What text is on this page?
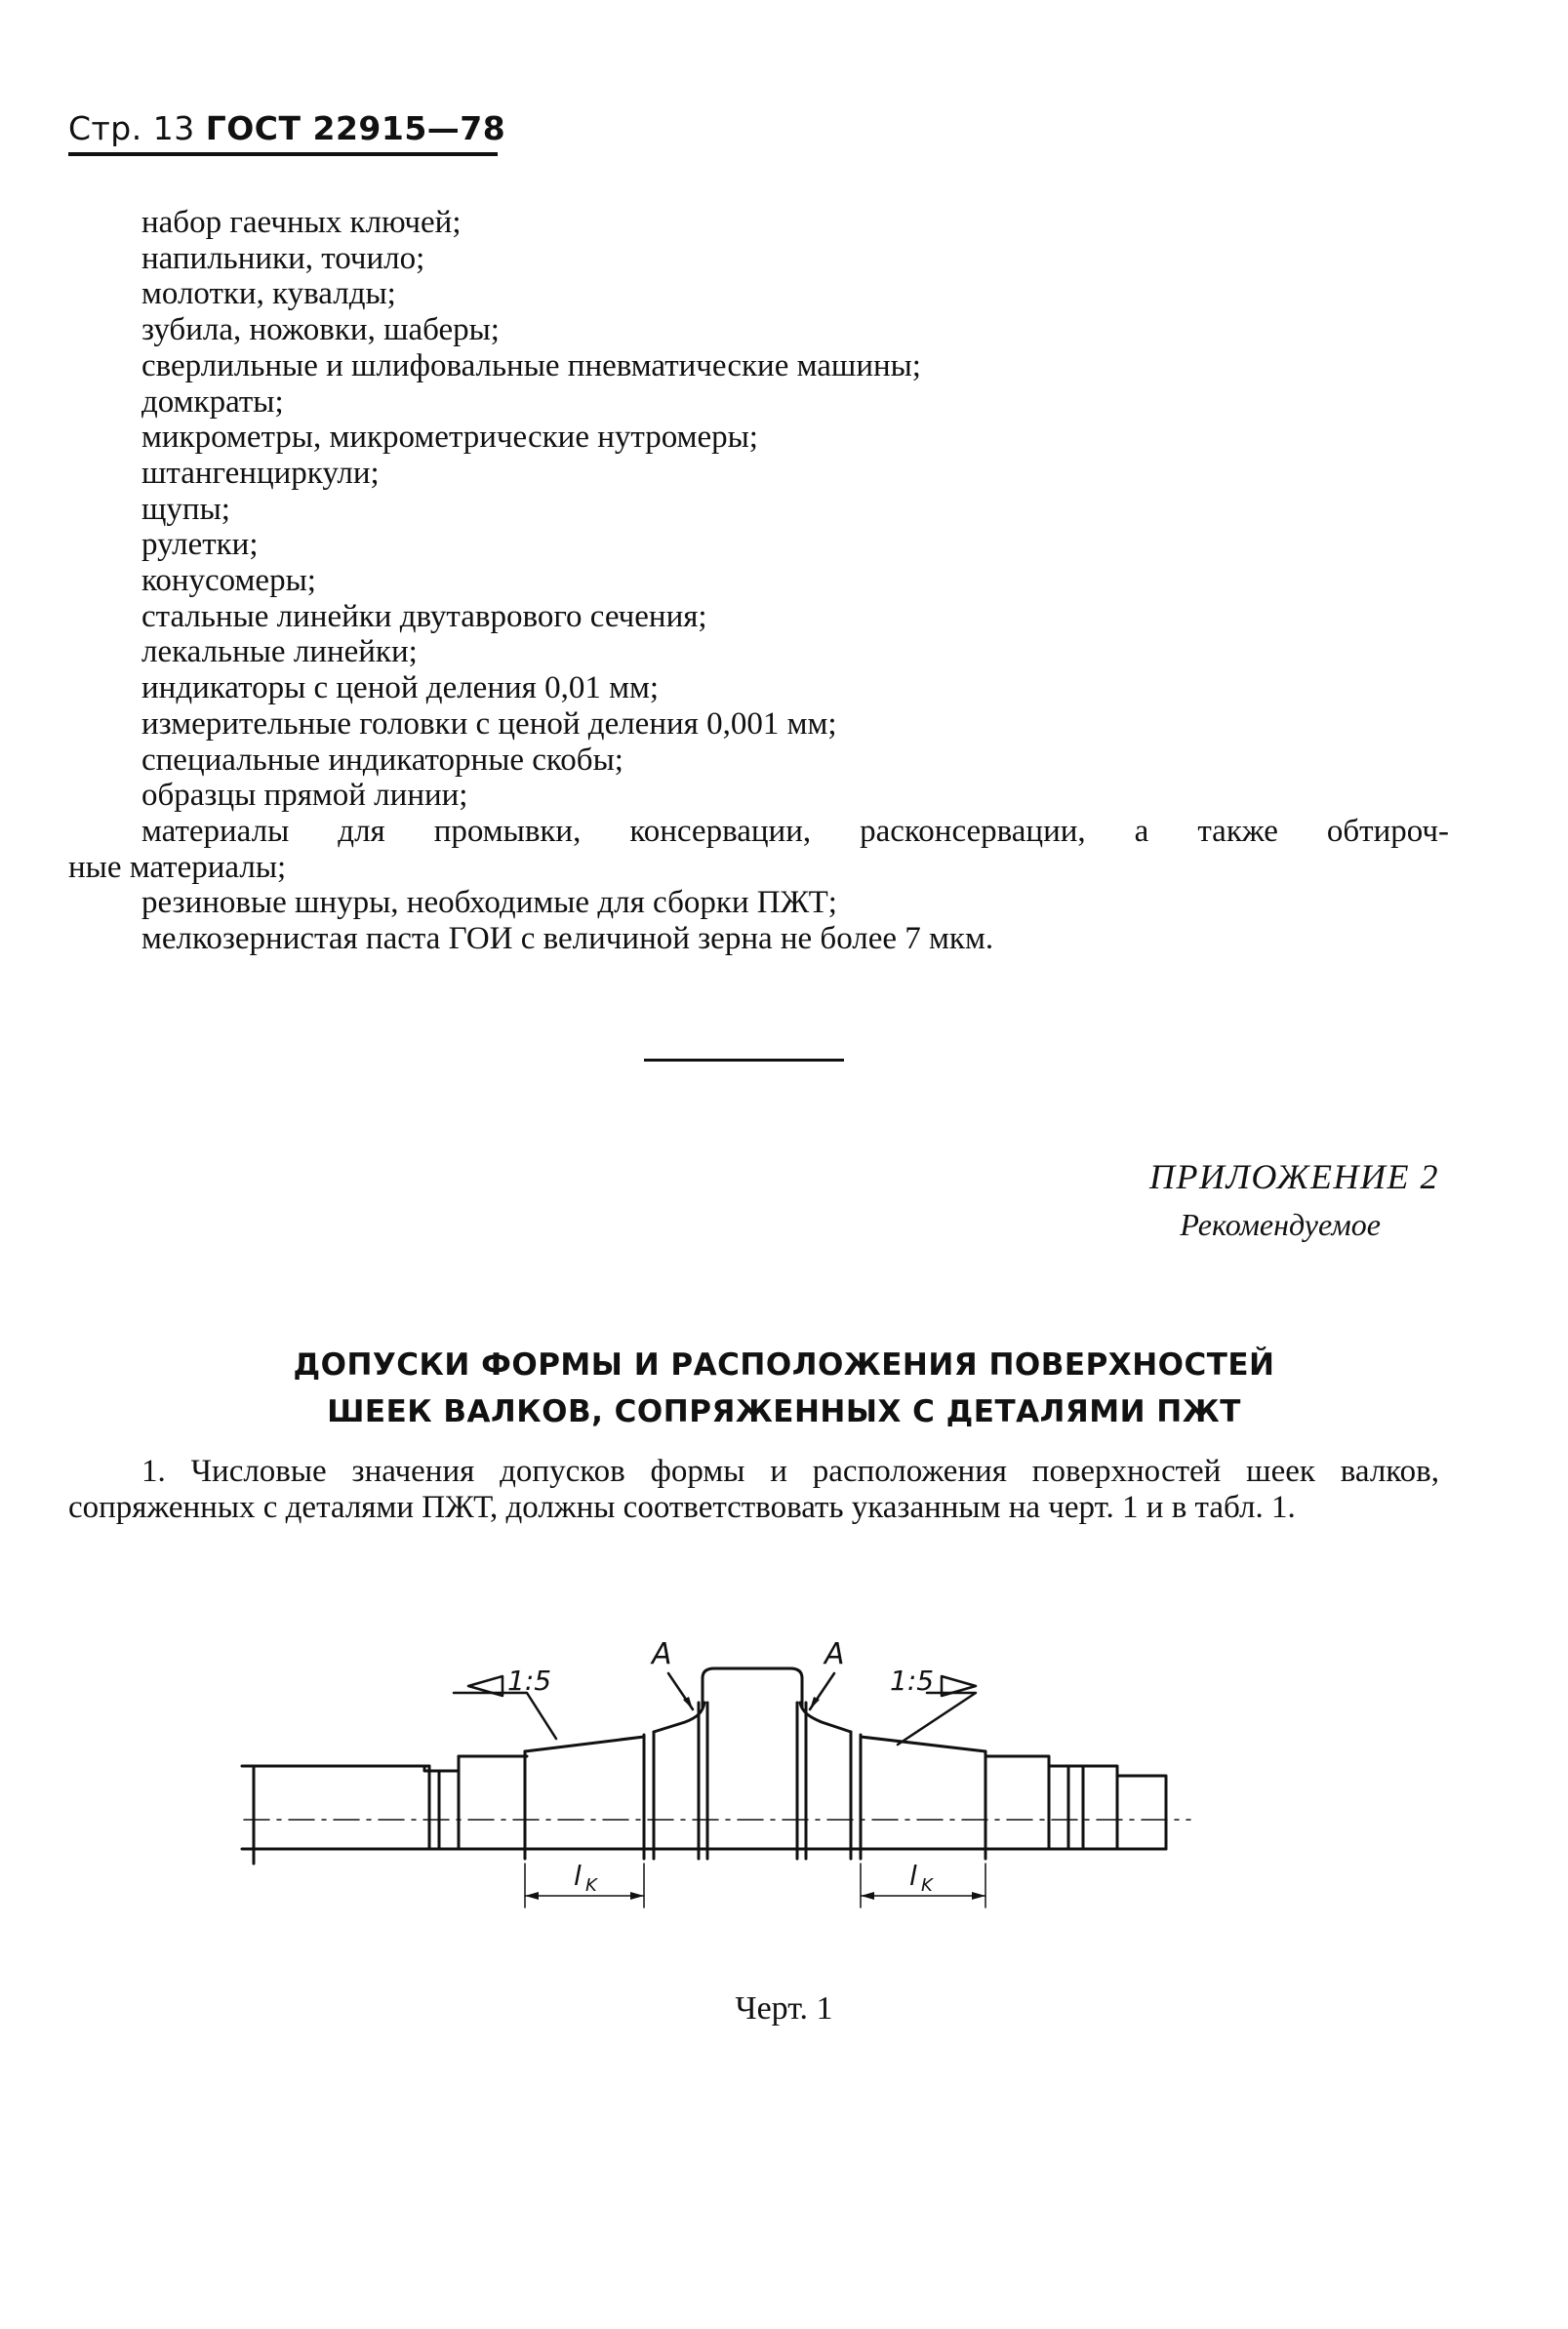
Стр. 13 ГОСТ 22915—78
набор гаечных ключей;
напильники, точило;
молотки, кувалды;
зубила, ножовки, шаберы;
сверлильные и шлифовальные пневматические машины;
домкраты;
микрометры, микрометрические нутромеры;
штангенциркули;
щупы;
рулетки;
конусомеры;
стальные линейки двутаврового сечения;
лекальные линейки;
индикаторы с ценой деления 0,01 мм;
измерительные головки с ценой деления 0,001 мм;
специальные индикаторные скобы;
образцы прямой линии;
материалы для промывки, консервации, расконсервации, а также обтироч-
ные материалы;
резиновые шнуры, необходимые для сборки ПЖТ;
мелкозернистая паста ГОИ с величиной зерна не более 7 мкм.
ПРИЛОЖЕНИЕ 2
Рекомендуемое
ДОПУСКИ ФОРМЫ И РАСПОЛОЖЕНИЯ ПОВЕРХНОСТЕЙ
ШЕЕК ВАЛКОВ, СОПРЯЖЕННЫХ С ДЕТАЛЯМИ ПЖТ
1. Числовые значения допусков формы и расположения поверхностей шеек валков, сопряженных с деталями ПЖТ, должны соответствовать указанным на черт. 1 и в табл. 1.
A	A
1:5	1:5
l K	l K
Черт. 1
